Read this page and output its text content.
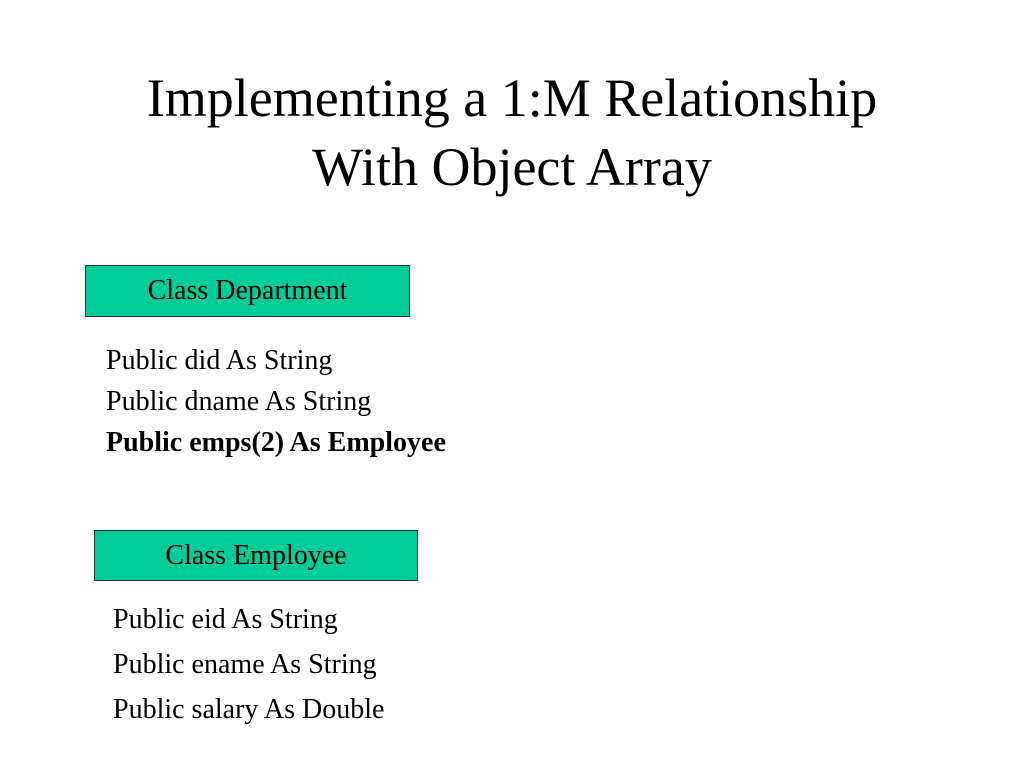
Implementing a 1:M Relationship
With Object Array
Class Department
Public did As String
Public dname As String
Public emps(2) As Employee
Class Employee
Public eid As String
Public ename As String
Public salary As Double
